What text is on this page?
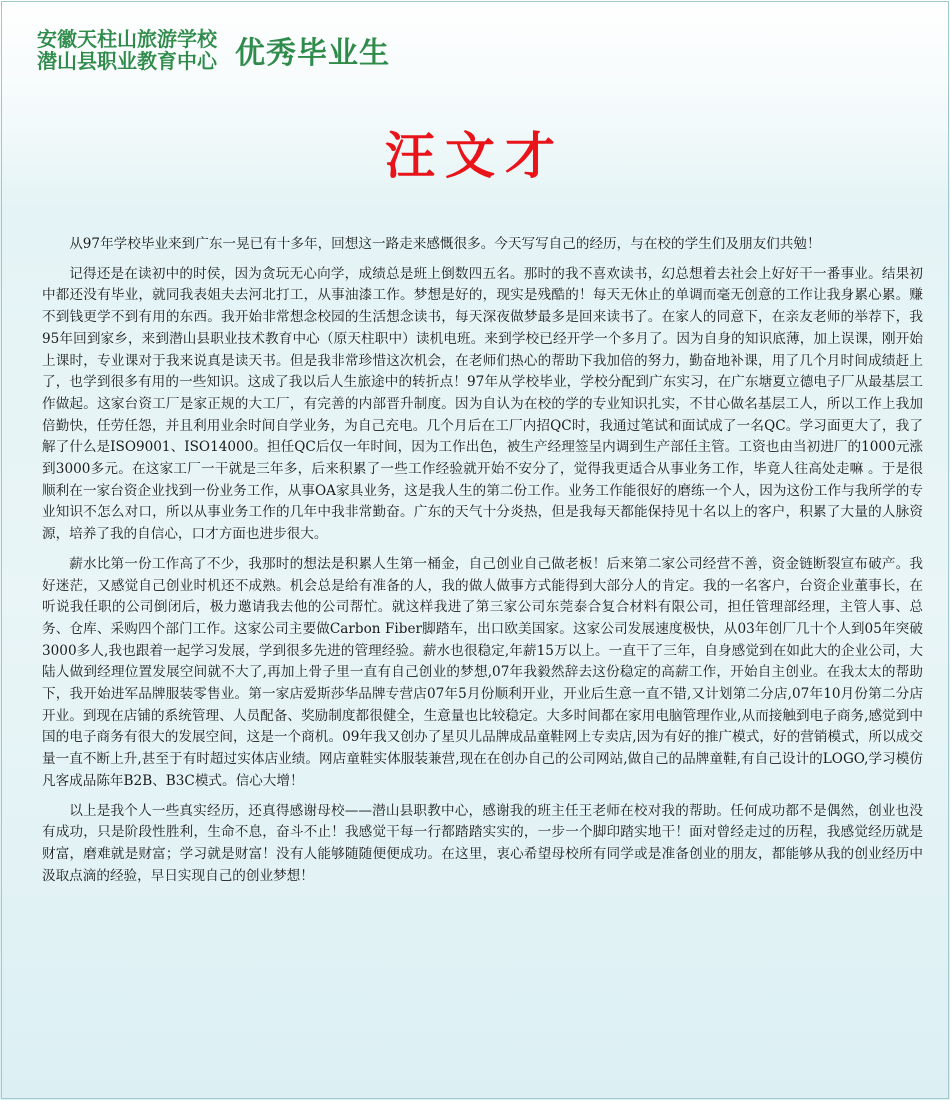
安徽天柱山旅游学校
潜山县职业教育中心 优秀毕业生
汪文才

从97年学校毕业来到广东一晃已有十多年，回想这一路走来感慨很多。今天写写自己的经历，与在校的学生们及朋友们共勉！

记得还是在读初中的时侯，因为贪玩无心向学，成绩总是班上倒数四五名。那时的我不喜欢读书，幻总想着去社会上好好干一番事业。结果初中都还没有毕业，就同我表姐夫去河北打工，从事油漆工作。梦想是好的，现实是残酷的！每天无休止的单调而毫无创意的工作让我身累心累。赚不到钱更学不到有用的东西。我开始非常想念校园的生活想念读书，每天深夜做梦最多是回来读书了。在家人的同意下，在亲友老师的举荐下，我95年回到家乡，来到潜山县职业技术教育中心（原天柱职中）读机电班。来到学校已经开学一个多月了。因为自身的知识底薄，加上误课，刚开始上课时，专业课对于我来说真是读天书。但是我非常珍惜这次机会，在老师们热心的帮助下我加倍的努力，勤奋地补课，用了几个月时间成绩赶上了，也学到很多有用的一些知识。这成了我以后人生旅途中的转折点！97年从学校毕业，学校分配到广东实习，在广东塘夏立德电子厂从最基层工作做起。这家台资工厂是家正规的大工厂，有完善的内部晋升制度。因为自认为在校的学的专业知识扎实，不甘心做名基层工人，所以工作上我加倍勤快，任劳任怨，并且利用业余时间自学业务，为自己充电。几个月后在工厂内招QC时，我通过笔试和面试成了一名QC。学习面更大了，我了解了什么是ISO9001、ISO14000。担任QC后仅一年时间，因为工作出色，被生产经理签呈内调到生产部任主管。工资也由当初进厂的1000元涨到3000多元。在这家工厂一干就是三年多，后来积累了一些工作经验就开始不安分了，觉得我更适合从事业务工作，毕竟人往高处走嘛 。于是很顺利在一家台资企业找到一份业务工作，从事OA家具业务，这是我人生的第二份工作。业务工作能很好的磨练一个人，因为这份工作与我所学的专业知识不怎么对口，所以从事业务工作的几年中我非常勤奋。广东的天气十分炎热，但是我每天都能保持见十名以上的客户，积累了大量的人脉资源，培养了我的自信心，口才方面也进步很大。

薪水比第一份工作高了不少，我那时的想法是积累人生第一桶金，自己创业自己做老板！后来第二家公司经营不善，资金链断裂宣布破产。我好迷茫，又感觉自己创业时机还不成熟。机会总是给有准备的人，我的做人做事方式能得到大部分人的肯定。我的一名客户，台资企业董事长，在听说我任职的公司倒闭后，极力邀请我去他的公司帮忙。就这样我进了第三家公司东莞泰合复合材料有限公司，担任管理部经理，主管人事、总务、仓库、采购四个部门工作。这家公司主要做Carbon Fiber脚踏车，出口欧美国家。这家公司发展速度极快，从03年创厂几十个人到05年突破3000多人,我也跟着一起学习发展，学到很多先进的管理经验。薪水也很稳定,年薪15万以上。一直干了三年，自身感觉到在如此大的企业公司，大陆人做到经理位置发展空间就不大了,再加上骨子里一直有自己创业的梦想,07年我毅然辞去这份稳定的高薪工作，开始自主创业。在我太太的帮助下，我开始进军品牌服装零售业。第一家店爱斯莎华品牌专营店07年5月份顺利开业，开业后生意一直不错,又计划第二分店,07年10月份第二分店开业。到现在店铺的系统管理、人员配备、奖励制度都很健全，生意量也比较稳定。大多时间都在家用电脑管理作业,从而接触到电子商务,感觉到中国的电子商务有很大的发展空间，这是一个商机。09年我又创办了星贝儿品牌成品童鞋网上专卖店,因为有好的推广模式，好的营销模式，所以成交量一直不断上升,甚至于有时超过实体店业绩。网店童鞋实体服装兼营,现在在创办自己的公司网站,做自己的品牌童鞋,有自己设计的LOGO,学习模仿凡客成品陈年B2B、B3C模式。信心大增！

以上是我个人一些真实经历，还真得感谢母校——潜山县职教中心，感谢我的班主任王老师在校对我的帮助。任何成功都不是偶然，创业也没有成功，只是阶段性胜利，生命不息，奋斗不止！我感觉干每一行都踏踏实实的，一步一个脚印踏实地干！面对曾经走过的历程，我感觉经历就是财富，磨难就是财富；学习就是财富！没有人能够随随便便成功。在这里，衷心希望母校所有同学或是准备创业的朋友，都能够从我的创业经历中汲取点滴的经验，早日实现自己的创业梦想！
